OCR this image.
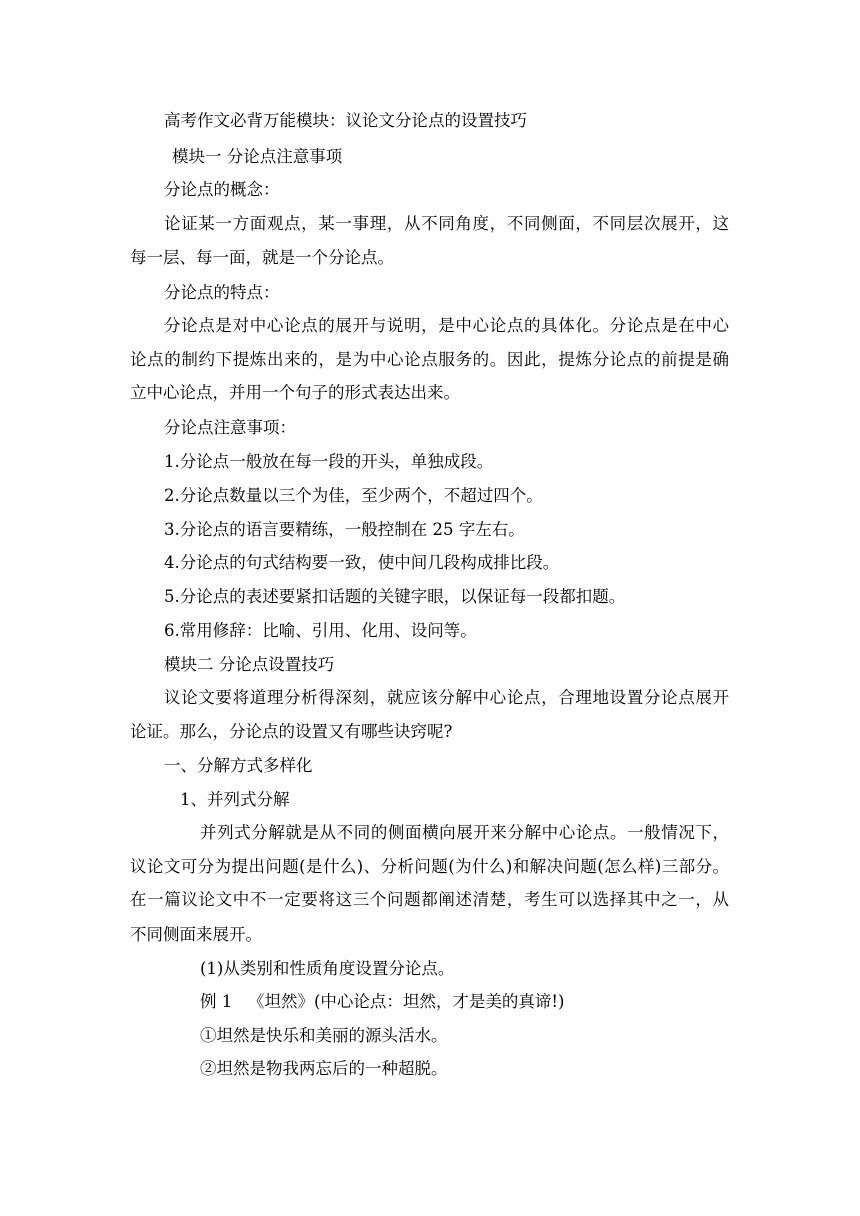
高考作文必背万能模块：议论文分论点的设置技巧
模块一 分论点注意事项
分论点的概念：
论证某一方面观点，某一事理，从不同角度，不同侧面，不同层次展开，这
每一层、每一面，就是一个分论点。
分论点的特点：
分论点是对中心论点的展开与说明，是中心论点的具体化。分论点是在中心
论点的制约下提炼出来的，是为中心论点服务的。因此，提炼分论点的前提是确
立中心论点，并用一个句子的形式表达出来。
分论点注意事项：
1.分论点一般放在每一段的开头，单独成段。
2.分论点数量以三个为佳，至少两个，不超过四个。
3.分论点的语言要精练，一般控制在 25 字左右。
4.分论点的句式结构要一致，使中间几段构成排比段。
5.分论点的表述要紧扣话题的关键字眼，以保证每一段都扣题。
6.常用修辞：比喻、引用、化用、设问等。
模块二 分论点设置技巧
议论文要将道理分析得深刻，就应该分解中心论点，合理地设置分论点展开
论证。那么，分论点的设置又有哪些诀窍呢?
一、分解方式多样化
1、并列式分解
并列式分解就是从不同的侧面横向展开来分解中心论点。一般情况下，
议论文可分为提出问题(是什么)、分析问题(为什么)和解决问题(怎么样)三部分。
在一篇议论文中不一定要将这三个问题都阐述清楚，考生可以选择其中之一，从
不同侧面来展开。
(1)从类别和性质角度设置分论点。
例 1   《坦然》(中心论点：坦然，才是美的真谛!)
①坦然是快乐和美丽的源头活水。
②坦然是物我两忘后的一种超脱。
